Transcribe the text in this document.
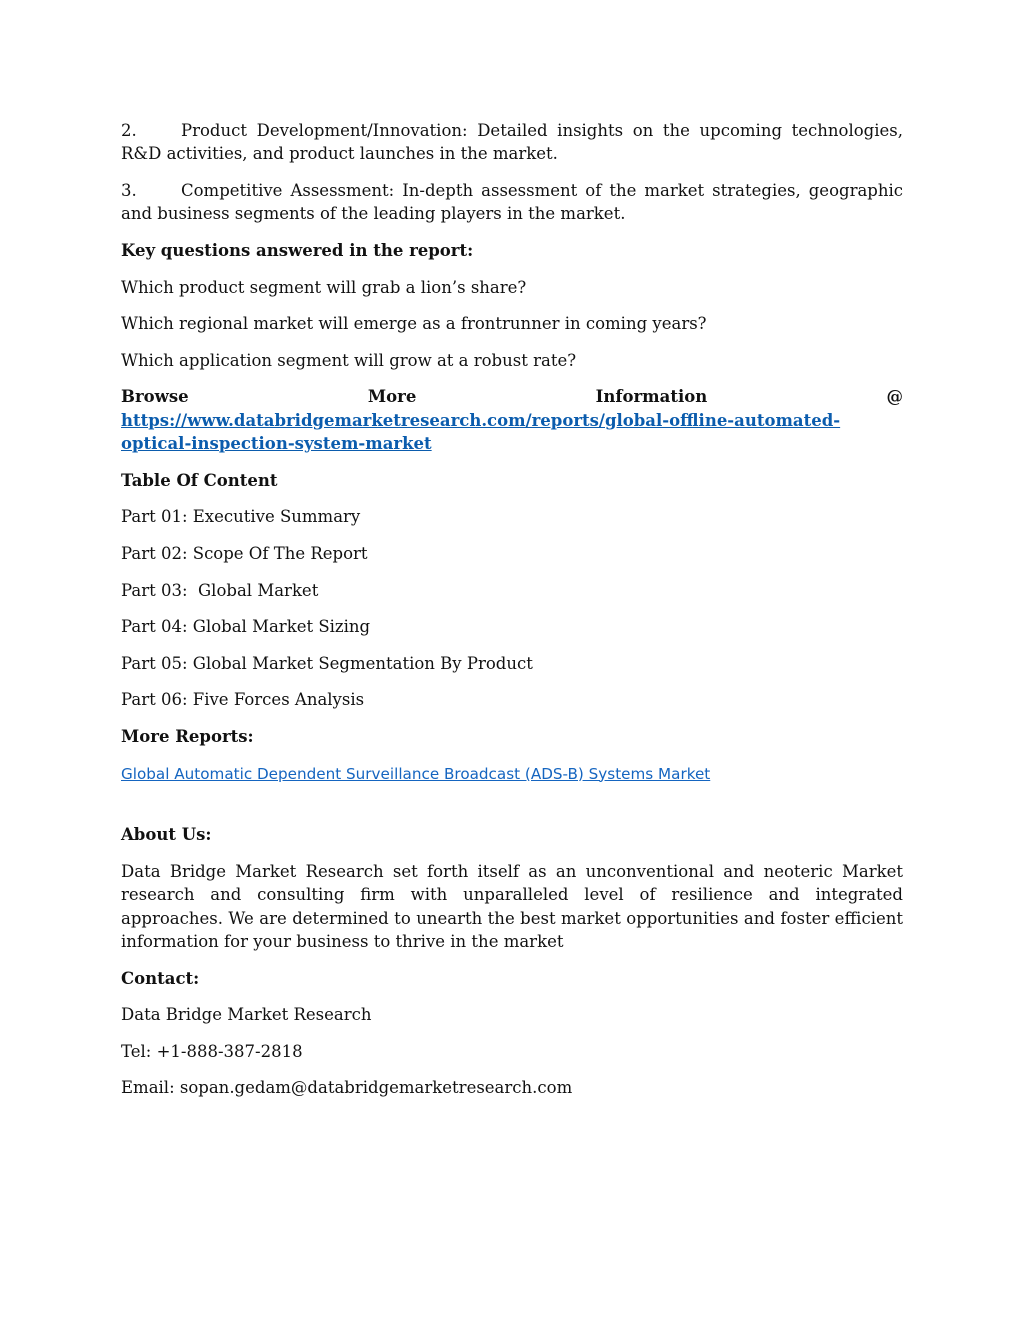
2.	Product Development/Innovation: Detailed insights on the upcoming technologies, R&D activities, and product launches in the market.

3.	Competitive Assessment: In-depth assessment of the market strategies, geographic and business segments of the leading players in the market.

Key questions answered in the report:

Which product segment will grab a lion’s share?

Which regional market will emerge as a frontrunner in coming years?

Which application segment will grow at a robust rate?

Browse More Information @ https://www.databridgemarketresearch.com/reports/global-offline-automated-optical-inspection-system-market

Table Of Content

Part 01: Executive Summary

Part 02: Scope Of The Report

Part 03:  Global Market

Part 04: Global Market Sizing

Part 05: Global Market Segmentation By Product

Part 06: Five Forces Analysis

More Reports:

Global Automatic Dependent Surveillance Broadcast (ADS-B) Systems Market

About Us:

Data Bridge Market Research set forth itself as an unconventional and neoteric Market research and consulting firm with unparalleled level of resilience and integrated approaches. We are determined to unearth the best market opportunities and foster efficient information for your business to thrive in the market

Contact:

Data Bridge Market Research

Tel: +1-888-387-2818

Email: sopan.gedam@databridgemarketresearch.com
